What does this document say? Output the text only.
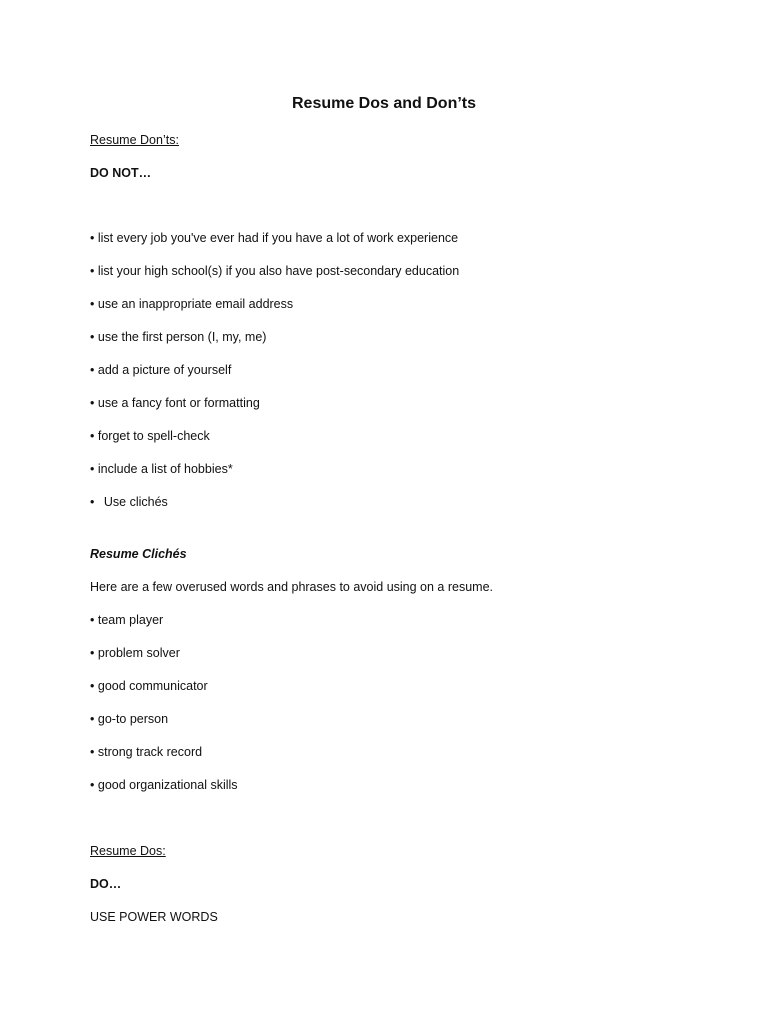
Resume Dos and Don’ts
Resume Don’ts:
DO NOT…
• list every job you've ever had if you have a lot of work experience
• list your high school(s) if you also have post-secondary education
• use an inappropriate email address
• use the first person (I, my, me)
• add a picture of yourself
• use a fancy font or formatting
• forget to spell-check
• include a list of hobbies*
• Use clichés
Resume Clichés
Here are a few overused words and phrases to avoid using on a resume.
• team player
• problem solver
• good communicator
• go-to person
• strong track record
• good organizational skills
Resume Dos:
DO…
USE POWER WORDS
